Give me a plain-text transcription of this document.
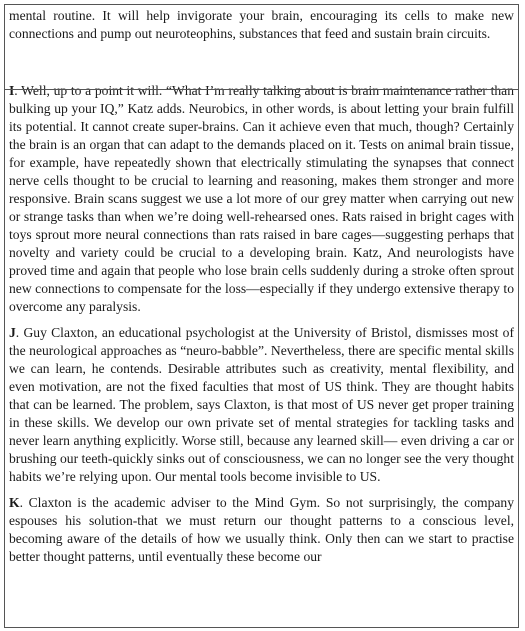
mental routine. It will help invigorate your brain, encouraging its cells to make new connections and pump out neuroteophins, substances that feed and sustain brain circuits.

I. Well, up to a point it will. “What I’m really talking about is brain maintenance rather than bulking up your IQ,” Katz adds. Neurobics, in other words, is about letting your brain fulfill its potential. It cannot create super-brains. Can it achieve even that much, though? Certainly the brain is an organ that can adapt to the demands placed on it. Tests on animal brain tissue, for example, have repeatedly shown that electrically stimulating the synapses that connect nerve cells thought to be crucial to learning and reasoning, makes them stronger and more responsive. Brain scans suggest we use a lot more of our grey matter when carrying out new or strange tasks than when we’re doing well-rehearsed ones. Rats raised in bright cages with toys sprout more neural connections than rats raised in bare cages—suggesting perhaps that novelty and variety could be crucial to a developing brain. Katz, And neurologists have proved time and again that people who lose brain cells suddenly during a stroke often sprout new connections to compensate for the loss—especially if they undergo extensive therapy to overcome any paralysis.

J. Guy Claxton, an educational psychologist at the University of Bristol, dismisses most of the neurological approaches as “neuro-babble”. Nevertheless, there are specific mental skills we can learn, he contends. Desirable attributes such as creativity, mental flexibility, and even motivation, are not the fixed faculties that most of US think. They are thought habits that can be learned. The problem, says Claxton, is that most of US never get proper training in these skills. We develop our own private set of mental strategies for tackling tasks and never learn anything explicitly. Worse still, because any learned skill— even driving a car or brushing our teeth-quickly sinks out of consciousness, we can no longer see the very thought habits we’re relying upon. Our mental tools become invisible to US.

K. Claxton is the academic adviser to the Mind Gym. So not surprisingly, the company espouses his solution-that we must return our thought patterns to a conscious level, becoming aware of the details of how we usually think. Only then can we start to practise better thought patterns, until eventually these become our
